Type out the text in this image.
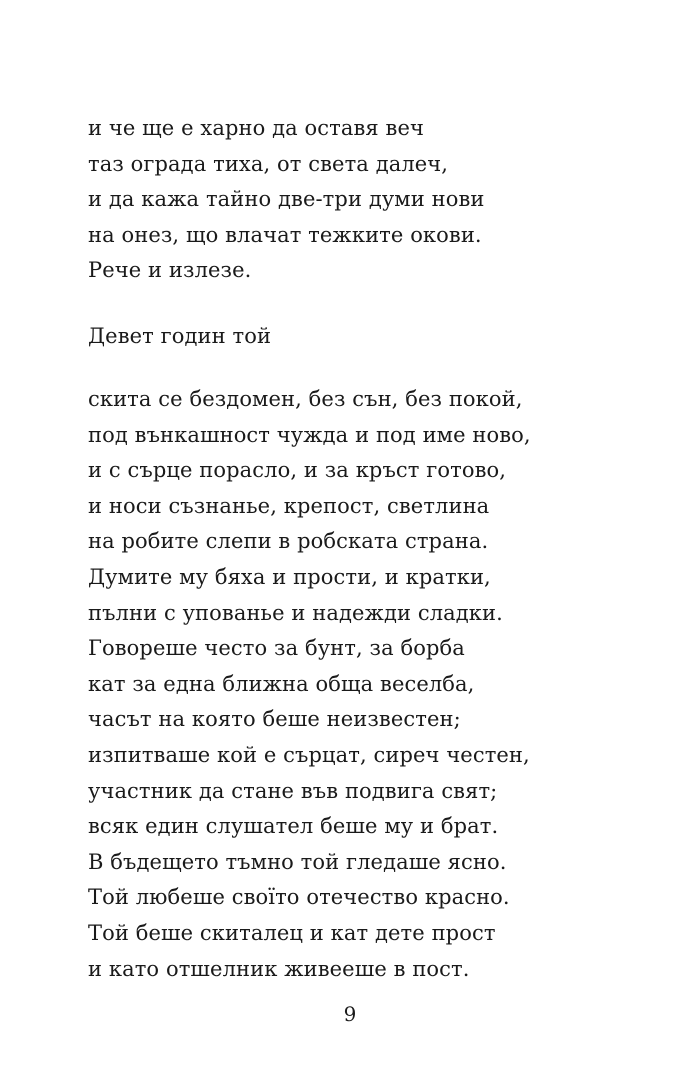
и че ще е харно да оставя веч
таз ограда тиха, от света далеч,
и да кажа тайно две-три думи нови
на онез, що влачат тежките окови.
Рече и излезе.
Девет годин той
скита се бездомен, без сън, без покой,
под вънкашност чужда и под име ново,
и с сърце порасло, и за кръст готово,
и носи съзнанье, крепост, светлина
на робите слепи в робската страна.
Думите му бяха и прости, и кратки,
пълни с упованье и надежди сладки.
Говореше често за бунт, за борба
кат за една ближна обща веселба,
часът на която беше неизвестен;
изпитваше кой е сърцат, сиреч честен,
участник да стане във подвига свят;
всяк един слушател беше му и брат.
В бъдещето тъмно той гледаше ясно.
Той любеше своїто отечество красно.
Той беше скиталец и кат дете прост
и като отшелник живееше в пост.
9
